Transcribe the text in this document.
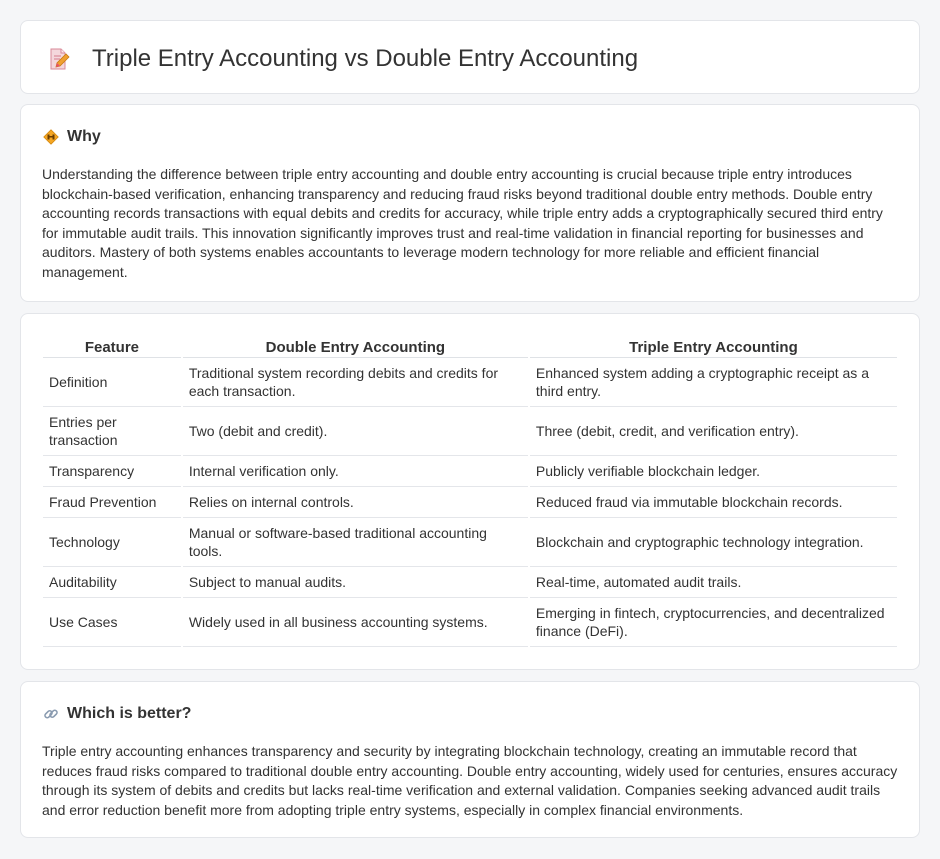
Triple Entry Accounting vs Double Entry Accounting
Why

Understanding the difference between triple entry accounting and double entry accounting is crucial because triple entry introduces blockchain-based verification, enhancing transparency and reducing fraud risks beyond traditional double entry methods. Double entry accounting records transactions with equal debits and credits for accuracy, while triple entry adds a cryptographically secured third entry for immutable audit trails. This innovation significantly improves trust and real-time validation in financial reporting for businesses and auditors. Mastery of both systems enables accountants to leverage modern technology for more reliable and efficient financial management.

Feature	Double Entry Accounting	Triple Entry Accounting
Definition	Traditional system recording debits and credits for each transaction.	Enhanced system adding a cryptographic receipt as a third entry.
Entries per transaction	Two (debit and credit).	Three (debit, credit, and verification entry).
Transparency	Internal verification only.	Publicly verifiable blockchain ledger.
Fraud Prevention	Relies on internal controls.	Reduced fraud via immutable blockchain records.
Technology	Manual or software-based traditional accounting tools.	Blockchain and cryptographic technology integration.
Auditability	Subject to manual audits.	Real-time, automated audit trails.
Use Cases	Widely used in all business accounting systems.	Emerging in fintech, cryptocurrencies, and decentralized finance (DeFi).
Which is better?

Triple entry accounting enhances transparency and security by integrating blockchain technology, creating an immutable record that reduces fraud risks compared to traditional double entry accounting. Double entry accounting, widely used for centuries, ensures accuracy through its system of debits and credits but lacks real-time verification and external validation. Companies seeking advanced audit trails and error reduction benefit more from adopting triple entry systems, especially in complex financial environments.
